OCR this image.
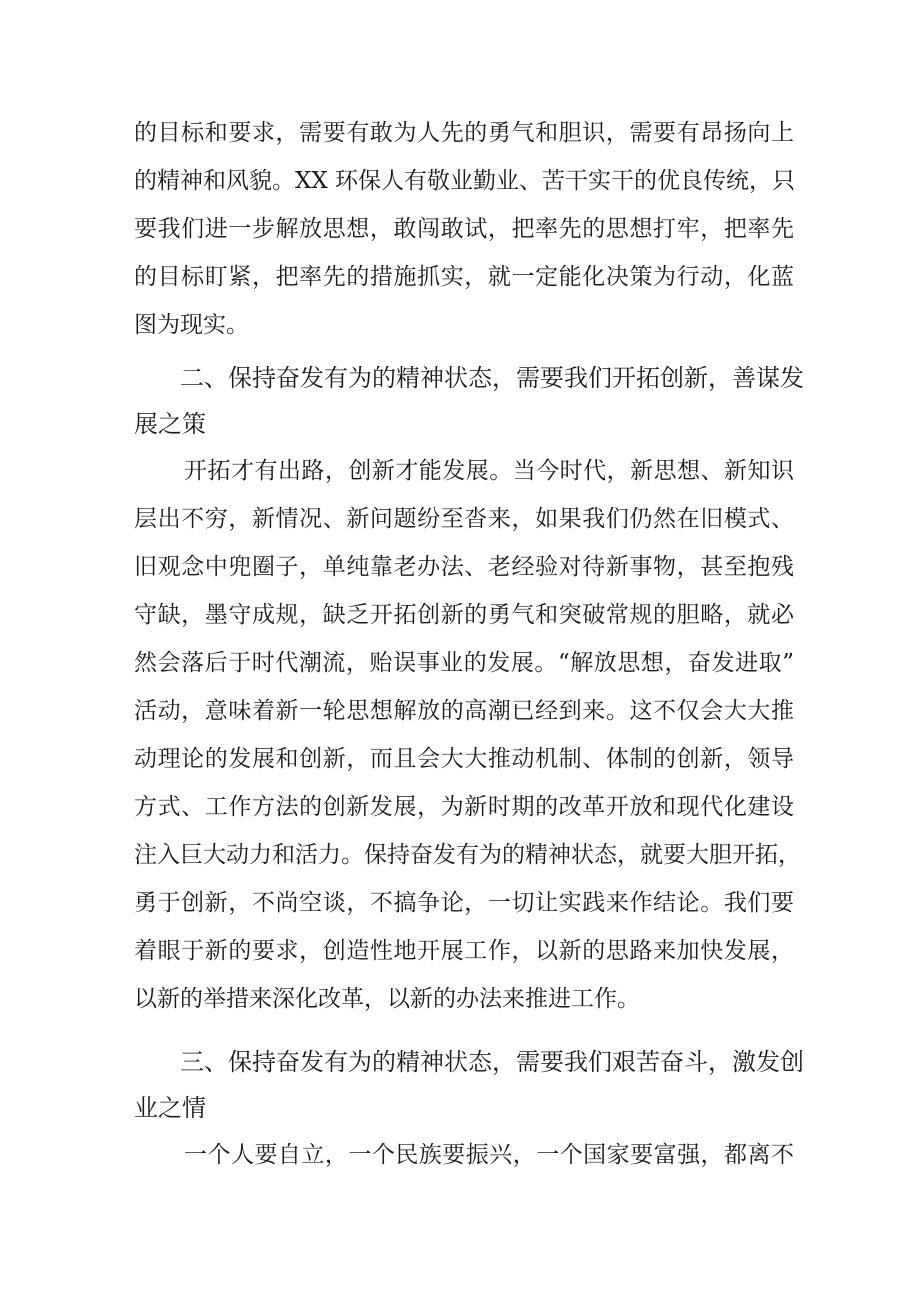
的目标和要求，需要有敢为人先的勇气和胆识，需要有昂扬向上
的精神和风貌。XX 环保人有敬业勤业、苦干实干的优良传统，只
要我们进一步解放思想，敢闯敢试，把率先的思想打牢，把率先
的目标盯紧，把率先的措施抓实，就一定能化决策为行动，化蓝
图为现实。
二、保持奋发有为的精神状态，需要我们开拓创新，善谋发
展之策
开拓才有出路，创新才能发展。当今时代，新思想、新知识
层出不穷，新情况、新问题纷至沓来，如果我们仍然在旧模式、
旧观念中兜圈子，单纯靠老办法、老经验对待新事物，甚至抱残
守缺，墨守成规，缺乏开拓创新的勇气和突破常规的胆略，就必
然会落后于时代潮流，贻误事业的发展。“解放思想，奋发进取”
活动，意味着新一轮思想解放的高潮已经到来。这不仅会大大推
动理论的发展和创新，而且会大大推动机制、体制的创新，领导
方式、工作方法的创新发展，为新时期的改革开放和现代化建设
注入巨大动力和活力。保持奋发有为的精神状态，就要大胆开拓，
勇于创新，不尚空谈，不搞争论，一切让实践来作结论。我们要
着眼于新的要求，创造性地开展工作，以新的思路来加快发展，
以新的举措来深化改革，以新的办法来推进工作。
三、保持奋发有为的精神状态，需要我们艰苦奋斗，激发创
业之情
一个人要自立，一个民族要振兴，一个国家要富强，都离不
